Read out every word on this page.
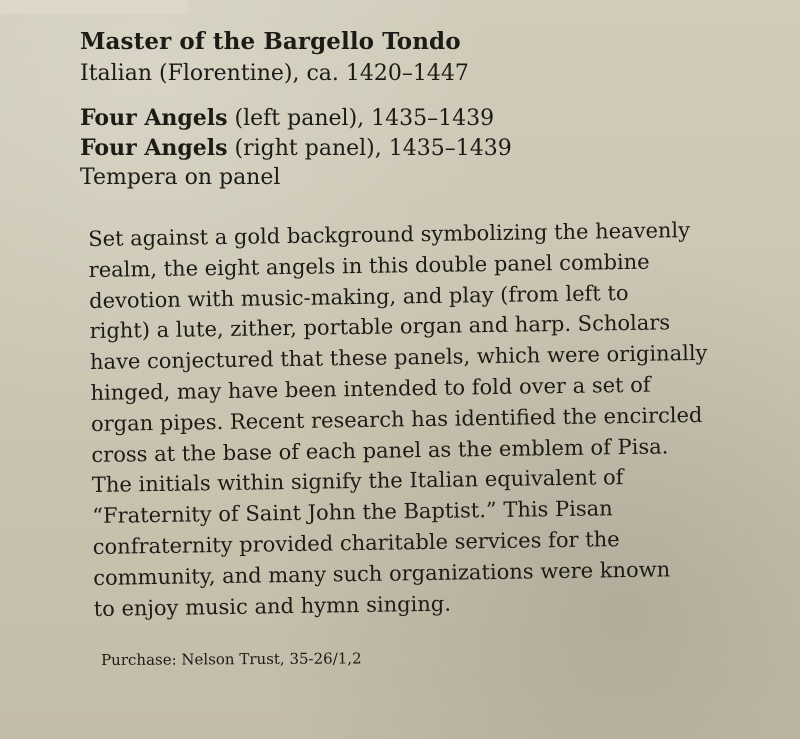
Master of the Bargello Tondo
Italian (Florentine), ca. 1420–1447
Four Angels (left panel), 1435–1439
Four Angels (right panel), 1435–1439
Tempera on panel
Set against a gold background symbolizing the heavenly
realm, the eight angels in this double panel combine
devotion with music-making, and play (from left to
right) a lute, zither, portable organ and harp. Scholars
have conjectured that these panels, which were originally
hinged, may have been intended to fold over a set of
organ pipes. Recent research has identified the encircled
cross at the base of each panel as the emblem of Pisa.
The initials within signify the Italian equivalent of
“Fraternity of Saint John the Baptist.” This Pisan
confraternity provided charitable services for the
community, and many such organizations were known
to enjoy music and hymn singing.
Purchase: Nelson Trust, 35-26/1,2
